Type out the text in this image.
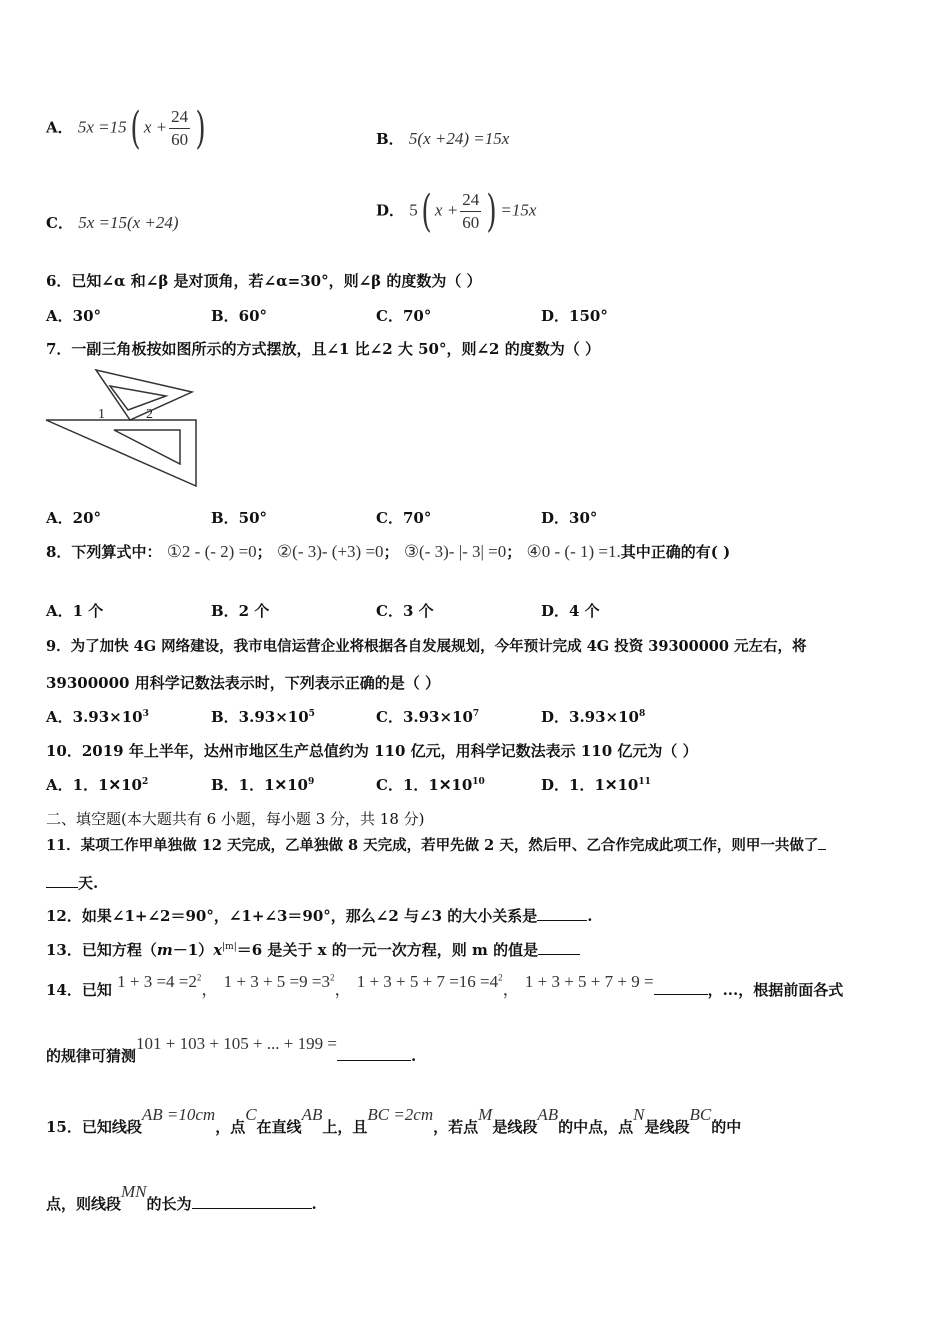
A． 5x =15( $x + \frac{24}{60}$ )	B． 5(x +24) =15x
C． 5x =15(x +24)
D． 5( $x + \frac{24}{60}$ ) =15x
6．已知∠α 和∠β 是对顶角，若∠α=30°，则∠β 的度数为（ ）
A．30°	B．60°	C．70°	D．150°
7．一副三角板按如图所示的方式摆放，且∠1 比∠2 大 50°，则∠2 的度数为（ ）
1	2
A．20°	B．50°	C．70°	D．30°
8．下列算式中： ①2 - (- 2) =0； ②(- 3)- (+3) =0； ③(- 3)- |- 3| =0； ④0 - (- 1) =1.其中正确的有( )
A．1 个	B．2 个	C．3 个	D．4 个
9．为了加快 4G 网络建设，我市电信运营企业将根据各自发展规划，今年预计完成 4G 投资 39300000 元左右，将
39300000 用科学记数法表示时，下列表示正确的是（ ）
A．$3.93\times 10^3$	B．$3.93\times 10^5$	C．$3.93\times 10^7$	D．$3.93\times 10^8$
10．2019 年上半年，达州市地区生产总值约为 110 亿元，用科学记数法表示 110 亿元为（ ）
A．1．$1✕10^2$	B．1．$1✕10^9$	C．1．$1✕10^{10}$	D．1．$1✕10^{11}$
二、填空题(本大题共有 6 小题，每小题 3 分，共 18 分)
11．某项工作甲单独做 12 天完成，乙单独做 8 天完成，若甲先做 2 天，然后甲、乙合作完成此项工作，则甲一共做了
天.
12．如果∠1+∠2＝90°，∠1+∠3＝90°，那么∠2 与∠3 的大小关系是	.
13．已知方程$(m-1)x^{|m|}=6$ 是关于 x 的一元一次方程，则 m 的值是
14．已知 $1 + 3 =4 =2^2$， $1 + 3 + 5 =9 =3^2$， $1 + 3 + 5 + 7 =16 =4^2$， 1 + 3 + 5 + 7 + 9 =	，...，根据前面各式
的规律可猜测101 + 103 + 105 + ... + 199 =.
15．已知线段AB =10cm，点C在直线AB上，且BC =2cm，若点M是线段AB的中点，点N是线段BC的中
点，则线段MN的长为	.
